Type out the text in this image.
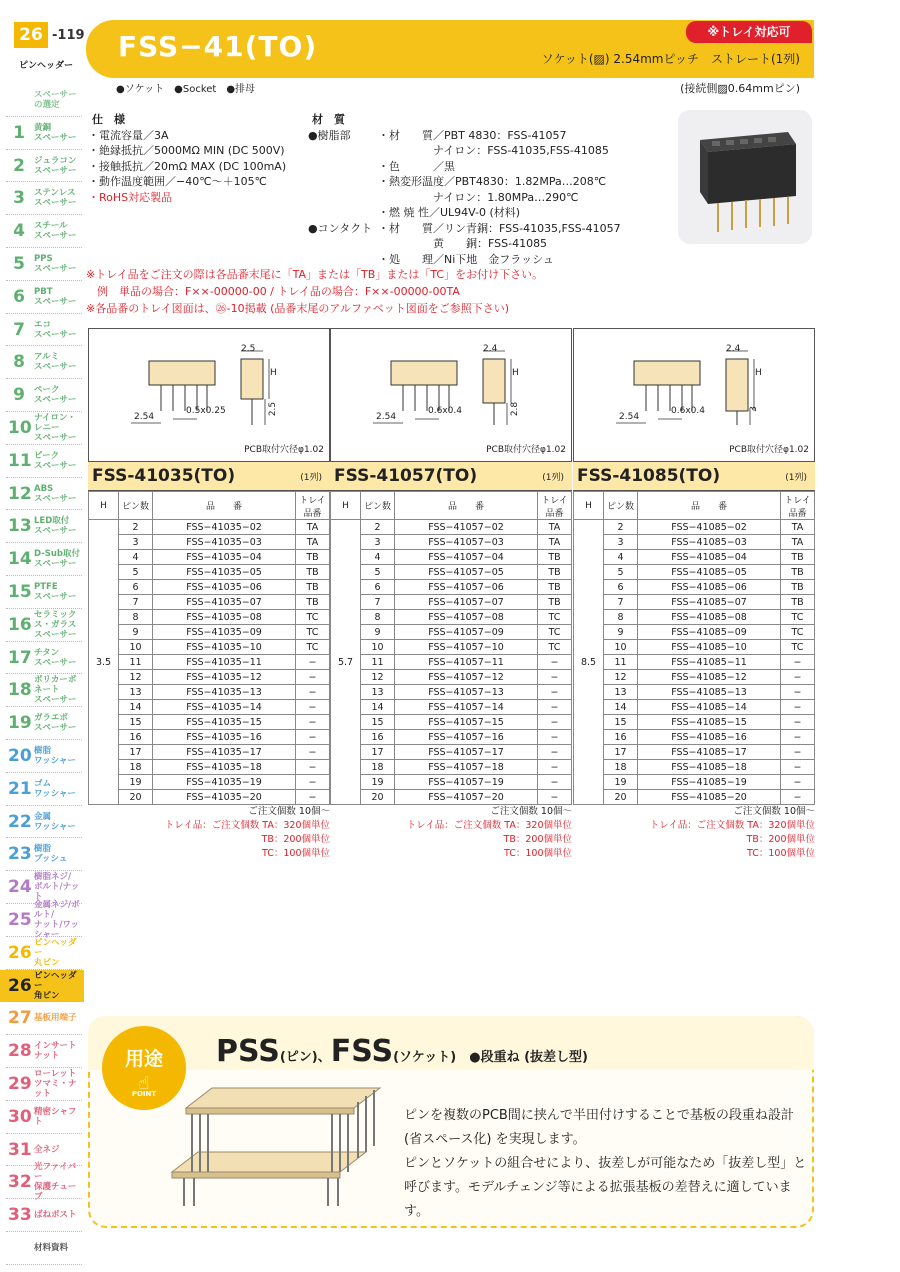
26 -119
ピンヘッダー
スペーサー
の選定
1	黄銅
スペーサー
2	ジュラコン
スペーサー
3	ステンレス
スペーサー
4	スチール
スペーサー
5	PPS
スペーサー
6	PBT
スペーサー
7	エコ
スペーサー
8	アルミ
スペーサー
9	ペーク
スペーサー
10 ナイロン・レニー
スペーサー
11 ピーク
スペーサー
12 ABS
スペーサー
13 LED取付
スペーサー
14 D-Sub取付
スペーサー
15 PTFE
スペーサー
16 セラミックス・ガラス
スペーサー
17 チタン
スペーサー
18 ポリカーボネート
スペーサー
19 ガラエポ
スペーサー
20 樹脂
ワッシャー
21 ゴム
ワッシャー
22 金属
ワッシャー
23 樹脂
ブッシュ
24 樹脂ネジ/
ボルト/ナット
25
金属ネジ/ボルト/
ナット/ワッシャー
26 ピンヘッダー
丸ピン
26 ピンヘッダー
角ピン
27 基板用端子
28 インサート
ナット
29 ローレット
ツマミ・ナット
30 精密シャフト
31 全ネジ
32
光ファイバー
保護チューブ
33 ばねポスト
材料資料
FSS−41(TO)	※トレイ対応可
ソケット(▨) 2.54mmピッチ　ストレート(1列)
●ソケット　●Socket　●排母	(接続側▨0.64mmピン)
仕　様
・電流容量／3A
・絶縁抵抗／5000MΩ MIN (DC 500V)
・接触抵抗／20mΩ MAX (DC 100mA)
・動作温度範囲／−40℃〜＋105℃
・RoHS対応製品
材　質
●樹脂部	・材　　質／PBT 4830：FSS-41057
　　　　　ナイロン：FSS-41035,FSS-41085
・色　　　／黒
・熱変形温度／PBT4830：1.82MPa…208℃
　　　　　ナイロン：1.80MPa…290℃
・燃 焼 性／UL94V-0 (材料)
●コンタクト ・材　　質／リン青銅：FSS-41035,FSS-41057
　　　　　黄　　銅：FSS-41085
・処　　理／Ni下地　金フラッシュ
※トレイ品をご注文の際は各品番末尾に「TA」または「TB」または「TC」をお付け下さい。
　例　単品の場合：F××-00000-00 / トレイ品の場合：F××-00000-00TA
※各品番のトレイ図面は、㉖-10掲載 (品番末尾のアルファベット図面をご参照下さい)
2.5
2.54
0.5x0.25	2.5
H
PCB取付穴径φ1.02
FSS-41035(TO)	(1列)
H	ピン数	品　　番	トレイ
品番
3.5	2	FSS−41035−02	TA
	3	FSS−41035−03	TA
	4	FSS−41035−04	TB
	5	FSS−41035−05	TB
	6	FSS−41035−06	TB
	7	FSS−41035−07	TB
	8	FSS−41035−08	TC
	9	FSS−41035−09	TC
	10	FSS−41035−10	TC
	11	FSS−41035−11	−
	12	FSS−41035−12	−
	13	FSS−41035−13	−
	14	FSS−41035−14	−
	15	FSS−41035−15	−
	16	FSS−41035−16	−
	17	FSS−41035−17	−
	18	FSS−41035−18	−
	19	FSS−41035−19	−
	20	FSS−41035−20	−
ご注文個数 10個〜
トレイ品：ご注文個数 TA：320個単位
TB：200個単位
TC：100個単位
2.4
2.54
0.6x0.4	2.8
H
PCB取付穴径φ1.02
FSS-41057(TO)	(1列)
H	ピン数	品　　番	トレイ
品番
5.7	2	FSS−41057−02	TA
	3	FSS−41057−03	TA
	4	FSS−41057−04	TB
	5	FSS−41057−05	TB
	6	FSS−41057−06	TB
	7	FSS−41057−07	TB
	8	FSS−41057−08	TC
	9	FSS−41057−09	TC
	10	FSS−41057−10	TC
	11	FSS−41057−11	−
	12	FSS−41057−12	−
	13	FSS−41057−13	−
	14	FSS−41057−14	−
	15	FSS−41057−15	−
	16	FSS−41057−16	−
	17	FSS−41057−17	−
	18	FSS−41057−18	−
	19	FSS−41057−19	−
	20	FSS−41057−20	−
ご注文個数 10個〜
トレイ品：ご注文個数 TA：320個単位
TB：200個単位
TC：100個単位
2.4
2.54
0.6x0.4	3
H
PCB取付穴径φ1.02
FSS-41085(TO)	(1列)
H	ピン数	品　　番	トレイ
品番
8.5	2	FSS−41085−02	TA
	3	FSS−41085−03	TA
	4	FSS−41085−04	TB
	5	FSS−41085−05	TB
	6	FSS−41085−06	TB
	7	FSS−41085−07	TB
	8	FSS−41085−08	TC
	9	FSS−41085−09	TC
	10	FSS−41085−10	TC
	11	FSS−41085−11	−
	12	FSS−41085−12	−
	13	FSS−41085−13	−
	14	FSS−41085−14	−
	15	FSS−41085−15	−
	16	FSS−41085−16	−
	17	FSS−41085−17	−
	18	FSS−41085−18	−
	19	FSS−41085−19	−
	20	FSS−41085−20	−
ご注文個数 10個〜
トレイ品：ご注文個数 TA：320個単位
TB：200個単位
TC：100個単位
用途
☝
POINT
PSS(ピン)、FSS(ソケット)　 ●段重ね (抜差し型)
ピンを複数のPCB間に挟んで半田付けすることで基板の段重ね設計
(省スペース化) を実現します。
ピンとソケットの組合せにより、抜差しが可能なため「抜差し型」と
呼びます。モデルチェンジ等による拡張基板の差替えに適しています。
